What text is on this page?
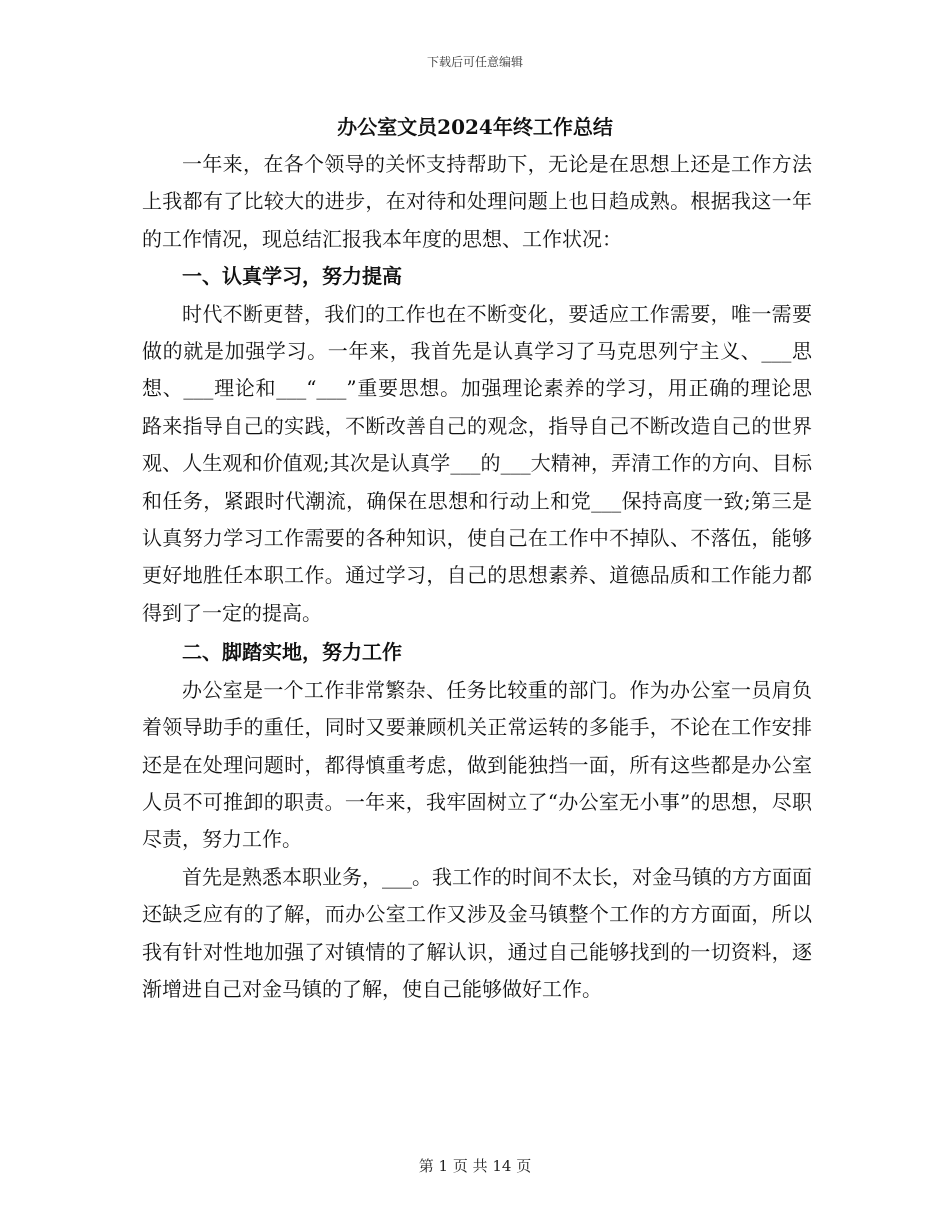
下载后可任意编辑
办公室文员2024年终工作总结

一年来，在各个领导的关怀支持帮助下，无论是在思想上还是工作方法上我都有了比较大的进步，在对待和处理问题上也日趋成熟。根据我这一年的工作情况，现总结汇报我本年度的思想、工作状况：

一、认真学习，努力提高

时代不断更替，我们的工作也在不断变化，要适应工作需要，唯一需要做的就是加强学习。一年来，我首先是认真学习了马克思列宁主义、___思想、___理论和___“___”重要思想。加强理论素养的学习，用正确的理论思路来指导自己的实践，不断改善自己的观念，指导自己不断改造自己的世界观、人生观和价值观;其次是认真学___的___大精神，弄清工作的方向、目标和任务，紧跟时代潮流，确保在思想和行动上和党___保持高度一致;第三是认真努力学习工作需要的各种知识，使自己在工作中不掉队、不落伍，能够更好地胜任本职工作。通过学习，自己的思想素养、道德品质和工作能力都得到了一定的提高。

二、脚踏实地，努力工作

办公室是一个工作非常繁杂、任务比较重的部门。作为办公室一员肩负着领导助手的重任，同时又要兼顾机关正常运转的多能手，不论在工作安排还是在处理问题时，都得慎重考虑，做到能独挡一面，所有这些都是办公室人员不可推卸的职责。一年来，我牢固树立了“办公室无小事”的思想，尽职尽责，努力工作。

首先是熟悉本职业务，___。我工作的时间不太长，对金马镇的方方面面还缺乏应有的了解，而办公室工作又涉及金马镇整个工作的方方面面，所以我有针对性地加强了对镇情的了解认识，通过自己能够找到的一切资料，逐渐增进自己对金马镇的了解，使自己能够做好工作。

第 1 页 共 14 页
